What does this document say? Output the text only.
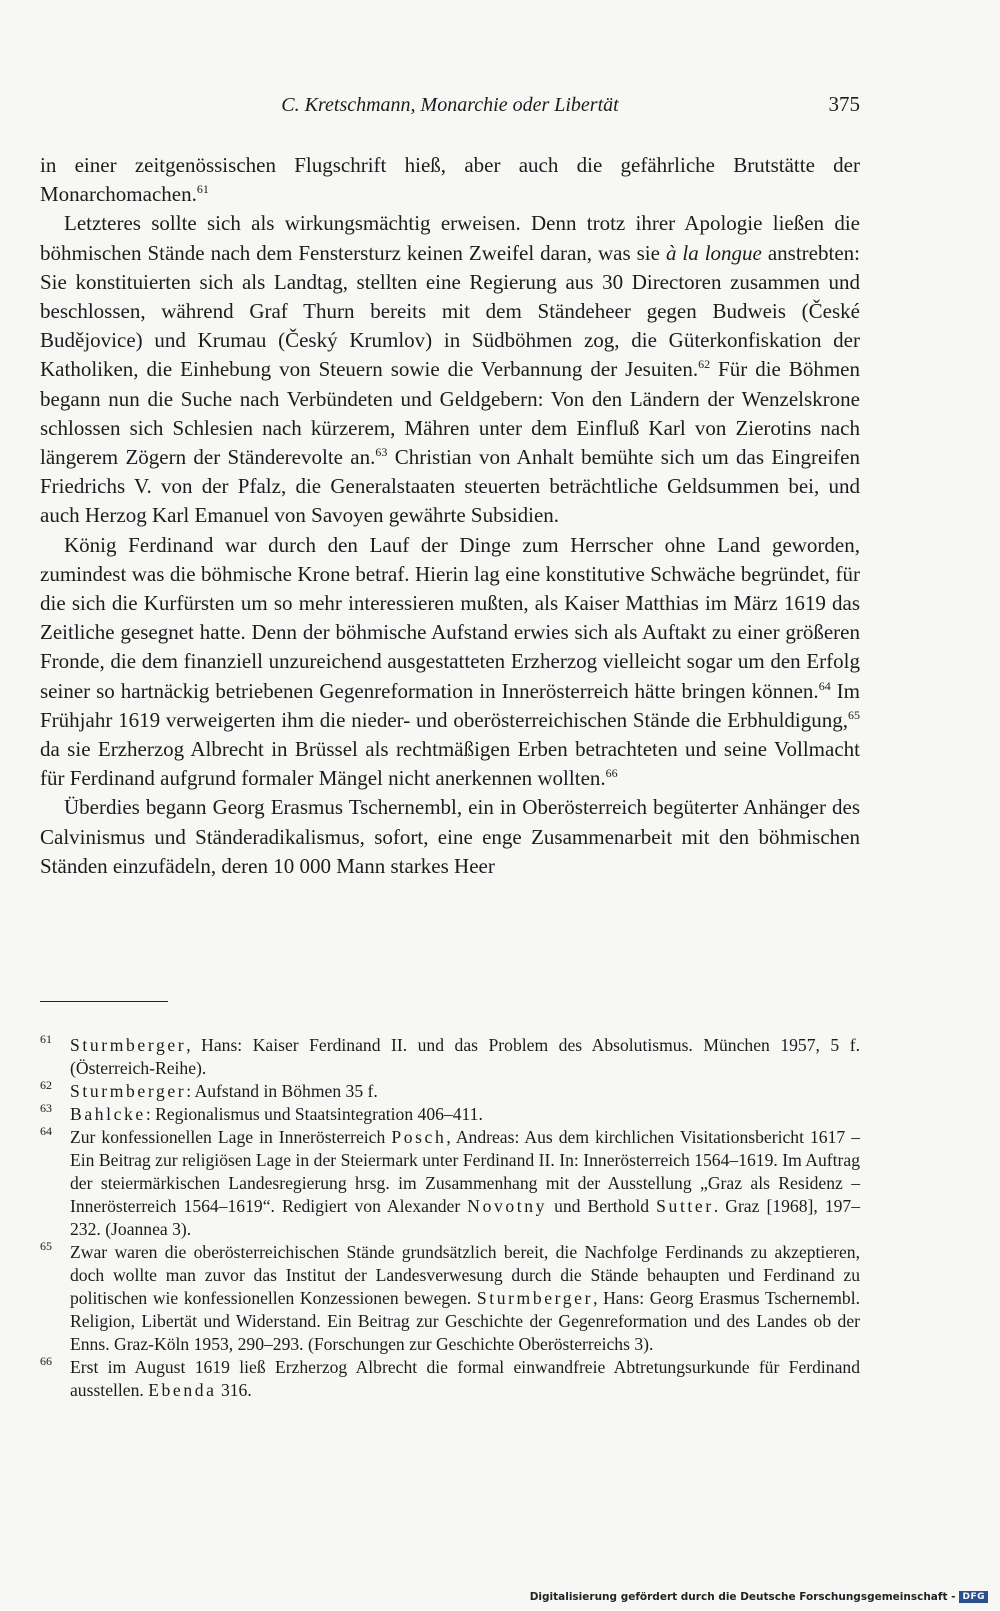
C. Kretschmann, Monarchie oder Libertät	375

in einer zeitgenössischen Flugschrift hieß, aber auch die gefährliche Brutstätte der Monarchomachen.$^{61}$

Letzteres sollte sich als wirkungsmächtig erweisen. Denn trotz ihrer Apologie ließen die böhmischen Stände nach dem Fenstersturz keinen Zweifel daran, was sie à la longue anstrebten: Sie konstituierten sich als Landtag, stellten eine Regierung aus 30 Directoren zusammen und beschlossen, während Graf Thurn bereits mit dem Ständeheer gegen Budweis (České Budějovice) und Krumau (Český Krumlov) in Südböhmen zog, die Güterkonfiskation der Katholiken, die Einhebung von Steuern sowie die Verbannung der Jesuiten.$^{62}$ Für die Böhmen begann nun die Suche nach Verbündeten und Geldgebern: Von den Ländern der Wenzelskrone schlossen sich Schlesien nach kürzerem, Mähren unter dem Einfluß Karl von Zierotins nach längerem Zögern der Ständerevolte an.$^{63}$ Christian von Anhalt bemühte sich um das Eingreifen Friedrichs V. von der Pfalz, die Generalstaaten steuerten beträchtliche Geldsummen bei, und auch Herzog Karl Emanuel von Savoyen gewährte Subsidien.

König Ferdinand war durch den Lauf der Dinge zum Herrscher ohne Land geworden, zumindest was die böhmische Krone betraf. Hierin lag eine konstitutive Schwäche begründet, für die sich die Kurfürsten um so mehr interessieren mußten, als Kaiser Matthias im März 1619 das Zeitliche gesegnet hatte. Denn der böhmische Aufstand erwies sich als Auftakt zu einer größeren Fronde, die dem finanziell unzureichend ausgestatteten Erzherzog vielleicht sogar um den Erfolg seiner so hartnäckig betriebenen Gegenreformation in Innerösterreich hätte bringen können.$^{64}$ Im Frühjahr 1619 verweigerten ihm die nieder- und oberösterreichischen Stände die Erbhuldigung,$^{65}$ da sie Erzherzog Albrecht in Brüssel als rechtmäßigen Erben betrachteten und seine Vollmacht für Ferdinand aufgrund formaler Mängel nicht anerkennen wollten.$^{66}$

Überdies begann Georg Erasmus Tschernembl, ein in Oberösterreich begüterter Anhänger des Calvinismus und Ständeradikalismus, sofort, eine enge Zusammenarbeit mit den böhmischen Ständen einzufädeln, deren 10 000 Mann starkes Heer

61 Sturmberger, Hans: Kaiser Ferdinand II. und das Problem des Absolutismus. München 1957, 5 f. (Österreich-Reihe).

62 Sturmberger: Aufstand in Böhmen 35 f.

63 Bahlcke: Regionalismus und Staatsintegration 406–411.

64 Zur konfessionellen Lage in Innerösterreich Posch, Andreas: Aus dem kirchlichen Visitationsbericht 1617 – Ein Beitrag zur religiösen Lage in der Steiermark unter Ferdinand II. In: Innerösterreich 1564–1619. Im Auftrag der steiermärkischen Landesregierung hrsg. im Zusammenhang mit der Ausstellung „Graz als Residenz – Innerösterreich 1564–1619“. Redigiert von Alexander Novotny und Berthold Sutter. Graz [1968], 197–232. (Joannea 3).

65 Zwar waren die oberösterreichischen Stände grundsätzlich bereit, die Nachfolge Ferdinands zu akzeptieren, doch wollte man zuvor das Institut der Landesverwesung durch die Stände behaupten und Ferdinand zu politischen wie konfessionellen Konzessionen bewegen. Sturmberger, Hans: Georg Erasmus Tschernembl. Religion, Libertät und Widerstand. Ein Beitrag zur Geschichte der Gegenreformation und des Landes ob der Enns. Graz-Köln 1953, 290–293. (Forschungen zur Geschichte Oberösterreichs 3).

66 Erst im August 1619 ließ Erzherzog Albrecht die formal einwandfreie Abtretungsurkunde für Ferdinand ausstellen. Ebenda 316.

Digitalisierung gefördert durch die Deutsche Forschungsgemeinschaft - DFG
